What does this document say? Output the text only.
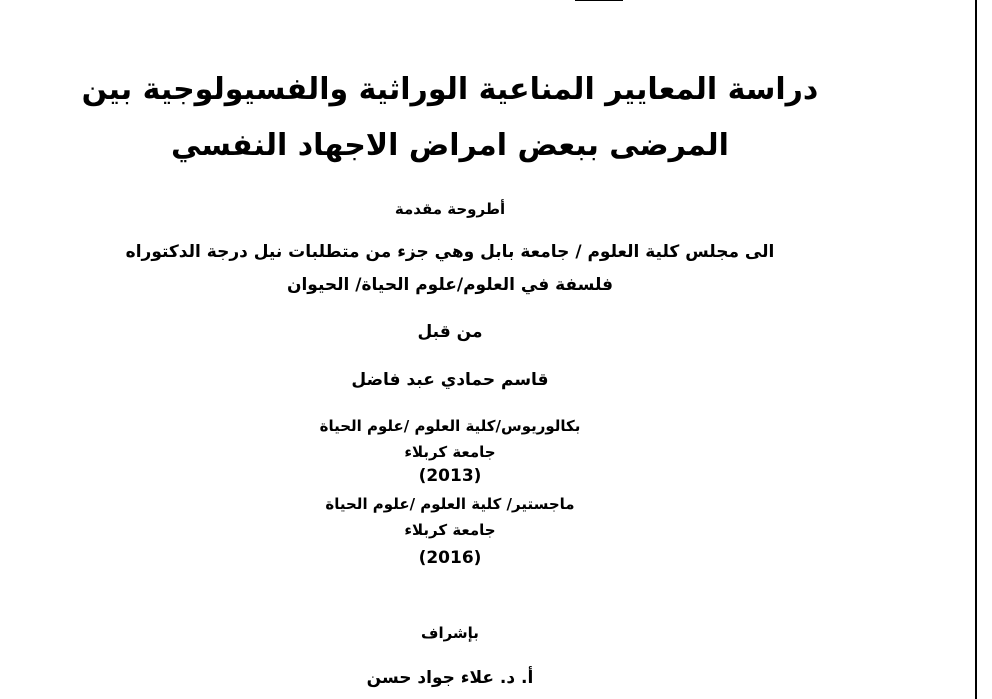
دراسة المعايير المناعية الوراثية والفسيولوجية بين
المرضى ببعض امراض الاجهاد النفسي
أطروحة مقدمة
الى مجلس كلية العلوم / جامعة بابل وهي جزء من متطلبات نيل درجة الدكتوراه
فلسفة في العلوم/علوم الحياة/ الحيوان
من قبل
قاسم حمادي عبد فاضل
بكالوريوس/كلية العلوم /علوم الحياة
جامعة كربلاء
(2013)
ماجستير/ كلية العلوم /علوم الحياة
جامعة كربلاء
(2016)
بإشراف
أ. د. علاء جواد حسن
